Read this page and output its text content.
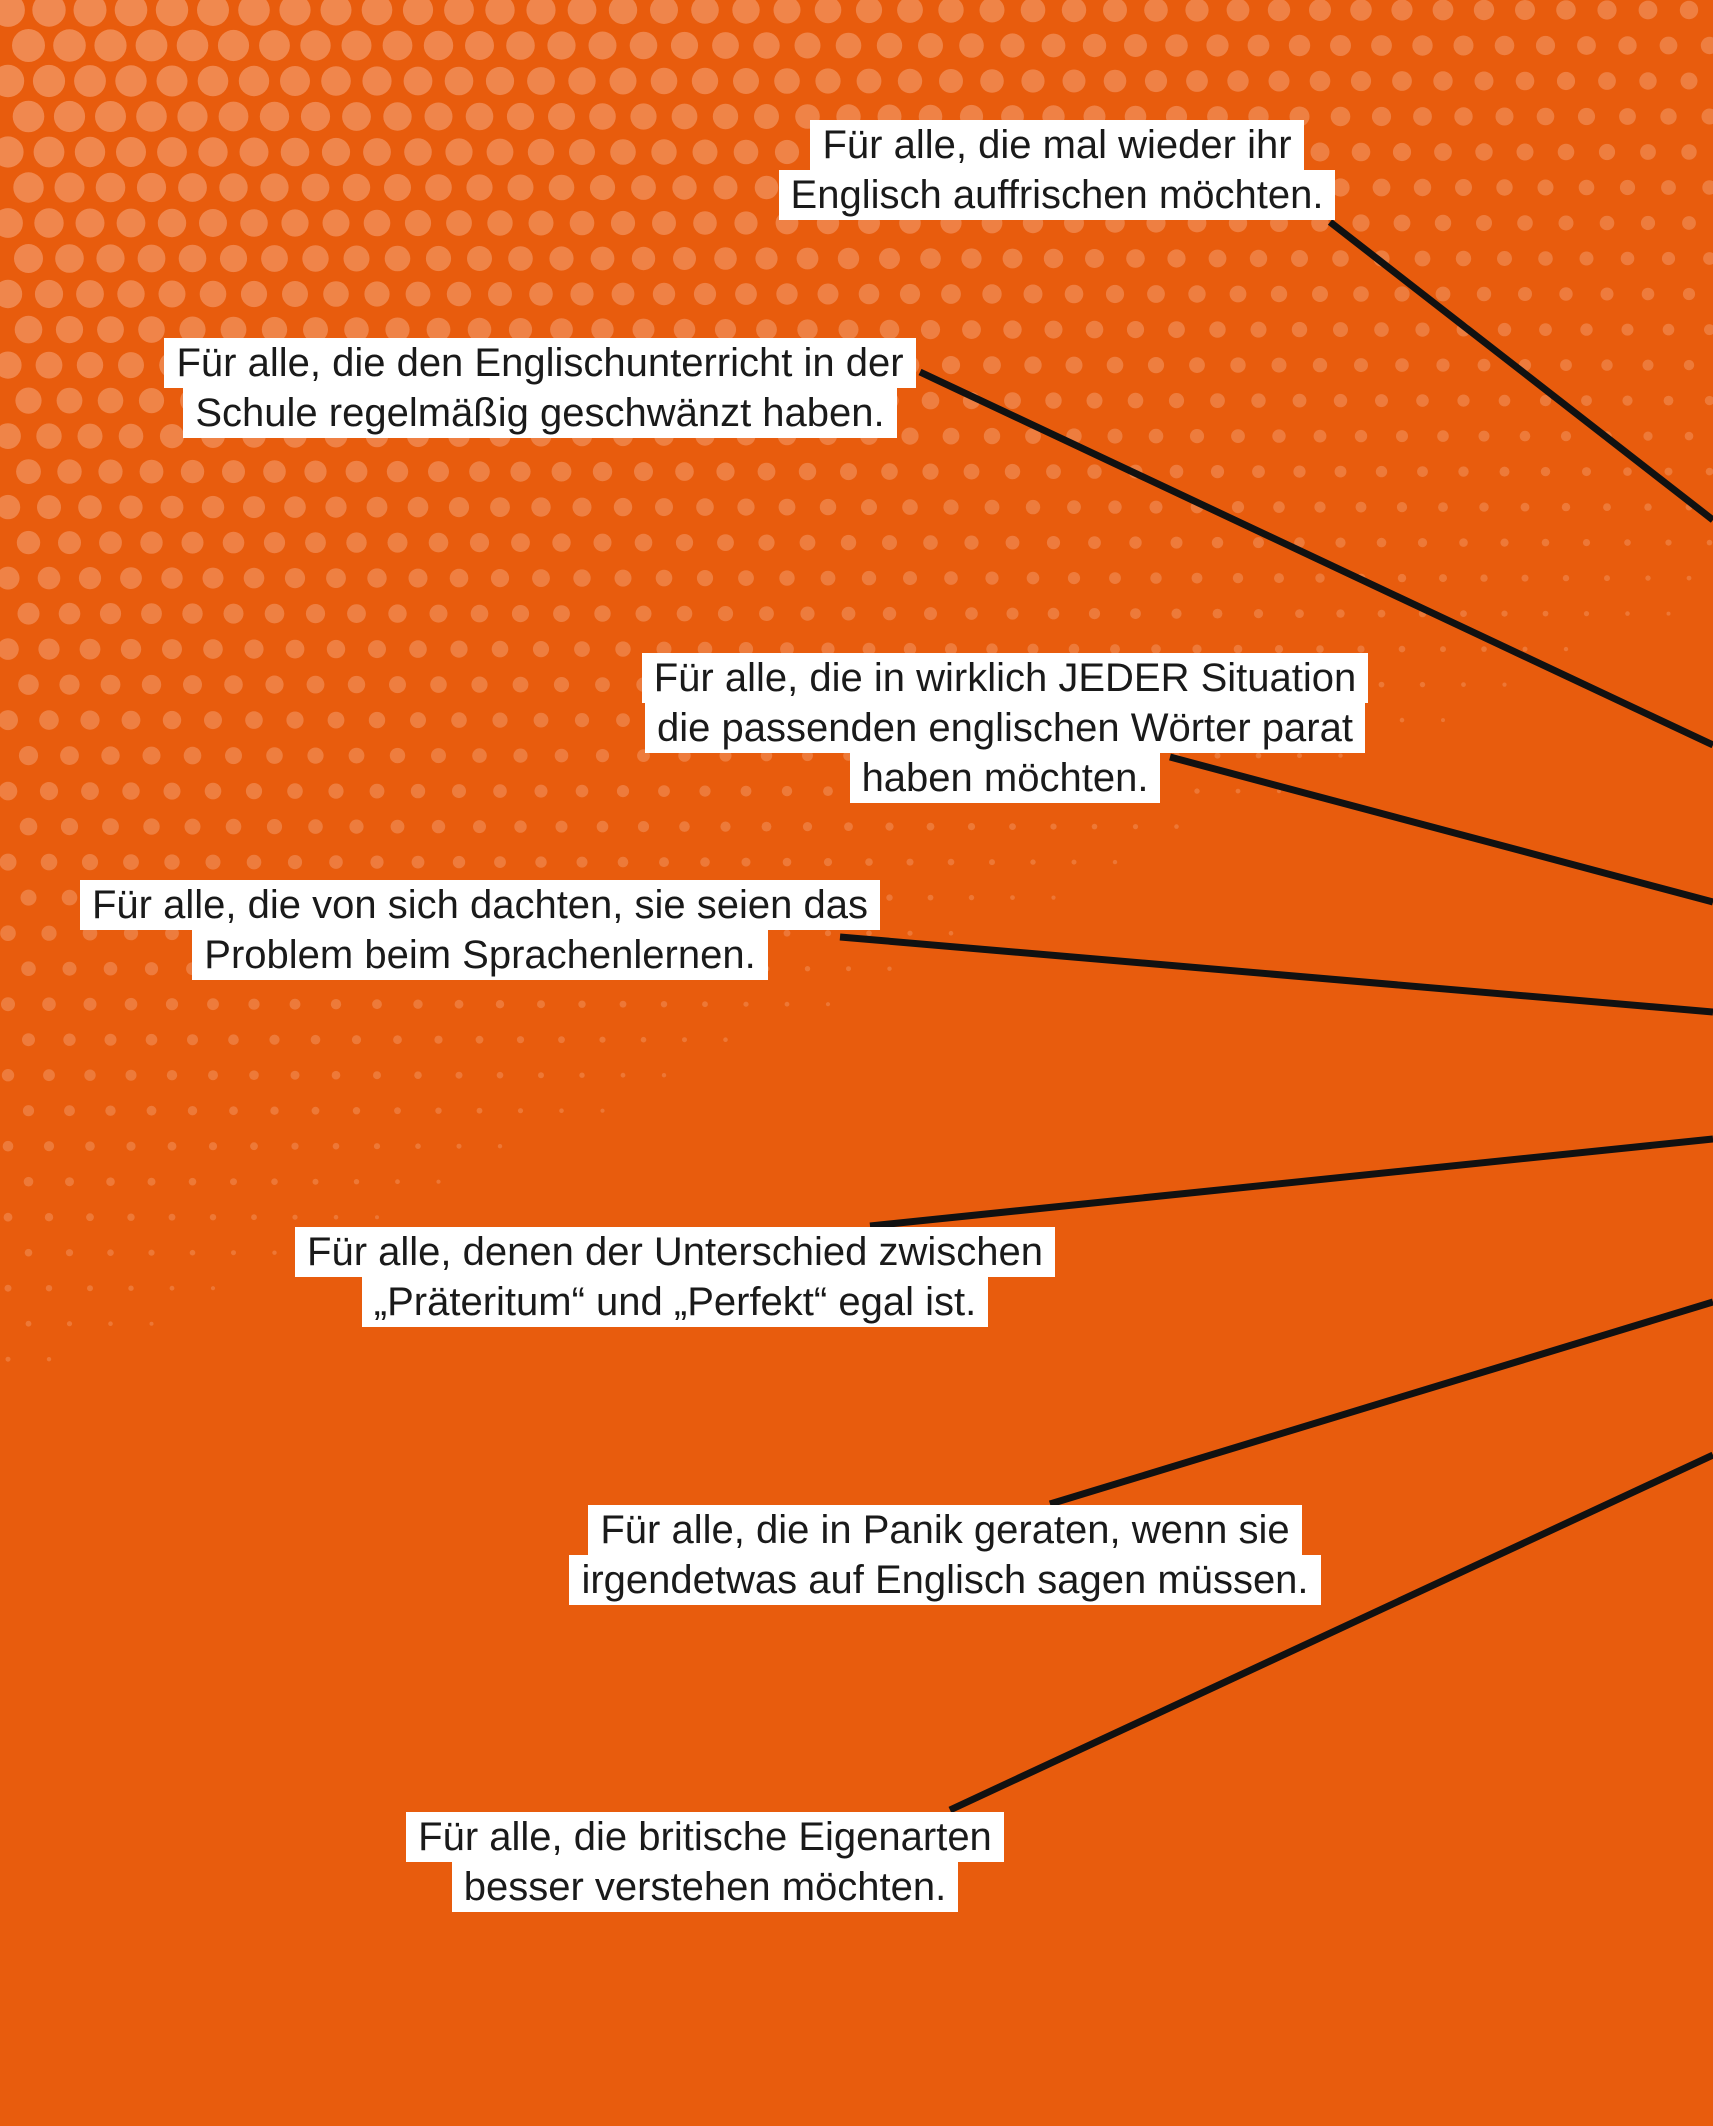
Für alle, die mal wieder ihr
Englisch auffrischen möchten.
Für alle, die den Englischunterricht in der
Schule regelmäßig geschwänzt haben.
Für alle, die in wirklich JEDER Situation
die passenden englischen Wörter parat
haben möchten.
Für alle, die von sich dachten, sie seien das
Problem beim Sprachenlernen.
Für alle, denen der Unterschied zwischen
„Präteritum“ und „Perfekt“ egal ist.
Für alle, die in Panik geraten, wenn sie
irgendetwas auf Englisch sagen müssen.
Für alle, die britische Eigenarten
besser verstehen möchten.
